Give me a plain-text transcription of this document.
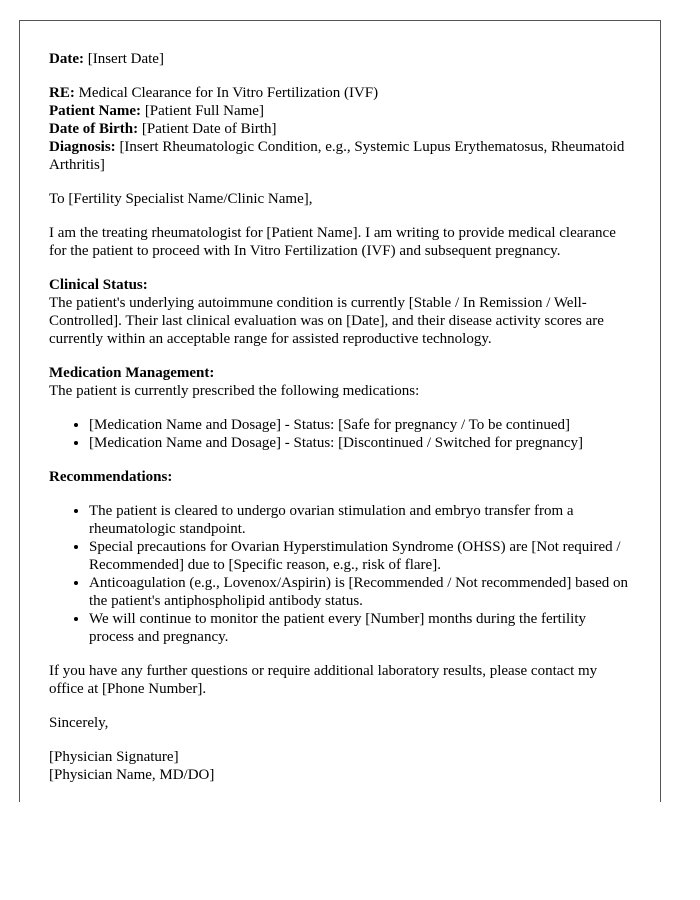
Date: [Insert Date]

RE: Medical Clearance for In Vitro Fertilization (IVF)
Patient Name: [Patient Full Name]
Date of Birth: [Patient Date of Birth]
Diagnosis: [Insert Rheumatologic Condition, e.g., Systemic Lupus Erythematosus, Rheumatoid Arthritis]

To [Fertility Specialist Name/Clinic Name],

I am the treating rheumatologist for [Patient Name]. I am writing to provide medical clearance for the patient to proceed with In Vitro Fertilization (IVF) and subsequent pregnancy.

Clinical Status:
The patient's underlying autoimmune condition is currently [Stable / In Remission / Well-Controlled]. Their last clinical evaluation was on [Date], and their disease activity scores are currently within an acceptable range for assisted reproductive technology.

Medication Management:
The patient is currently prescribed the following medications:

• [Medication Name and Dosage] - Status: [Safe for pregnancy / To be continued]
• [Medication Name and Dosage] - Status: [Discontinued / Switched for pregnancy]

Recommendations:

• The patient is cleared to undergo ovarian stimulation and embryo transfer from a rheumatologic standpoint.
• Special precautions for Ovarian Hyperstimulation Syndrome (OHSS) are [Not required / Recommended] due to [Specific reason, e.g., risk of flare].
• Anticoagulation (e.g., Lovenox/Aspirin) is [Recommended / Not recommended] based on the patient's antiphospholipid antibody status.
• We will continue to monitor the patient every [Number] months during the fertility process and pregnancy.

If you have any further questions or require additional laboratory results, please contact my office at [Phone Number].

Sincerely,

[Physician Signature]
[Physician Name, MD/DO]
